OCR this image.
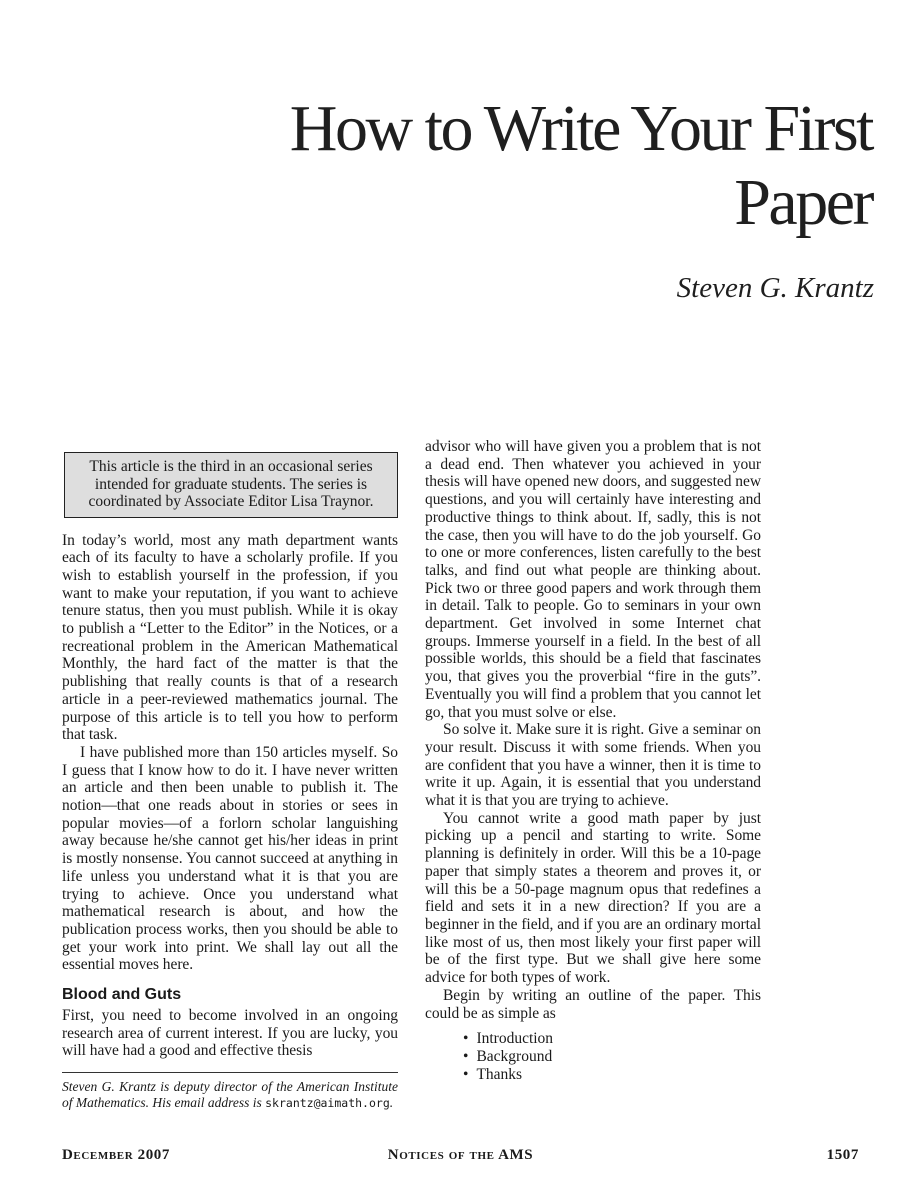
How to Write Your First
Paper

Steven G. Krantz

This article is the third in an occasional series intended for graduate students. The series is coordinated by Associate Editor Lisa Traynor.

In today’s world, most any math department wants each of its faculty to have a scholarly profile. If you wish to establish yourself in the profession, if you want to make your reputation, if you want to achieve tenure status, then you must publish. While it is okay to publish a “Letter to the Editor” in the Notices, or a recreational problem in the American Mathematical Monthly, the hard fact of the matter is that the publishing that really counts is that of a research article in a peer-reviewed mathematics journal. The purpose of this article is to tell you how to perform that task.

I have published more than 150 articles myself. So I guess that I know how to do it. I have never written an article and then been unable to publish it. The notion—that one reads about in stories or sees in popular movies—of a forlorn scholar languishing away because he/she cannot get his/her ideas in print is mostly nonsense. You cannot succeed at anything in life unless you understand what it is that you are trying to achieve. Once you understand what mathematical research is about, and how the publication process works, then you should be able to get your work into print. We shall lay out all the essential moves here.

Blood and Guts

First, you need to become involved in an ongoing research area of current interest. If you are lucky, you will have had a good and effective thesis

Steven G. Krantz is deputy director of the American Institute of Mathematics. His email address is skrantz@aimath.org.

advisor who will have given you a problem that is not a dead end. Then whatever you achieved in your thesis will have opened new doors, and suggested new questions, and you will certainly have interesting and productive things to think about. If, sadly, this is not the case, then you will have to do the job yourself. Go to one or more conferences, listen carefully to the best talks, and find out what people are thinking about. Pick two or three good papers and work through them in detail. Talk to people. Go to seminars in your own department. Get involved in some Internet chat groups. Immerse yourself in a field. In the best of all possible worlds, this should be a field that fascinates you, that gives you the proverbial “fire in the guts”. Eventually you will find a problem that you cannot let go, that you must solve or else.

So solve it. Make sure it is right. Give a seminar on your result. Discuss it with some friends. When you are confident that you have a winner, then it is time to write it up. Again, it is essential that you understand what it is that you are trying to achieve.

You cannot write a good math paper by just picking up a pencil and starting to write. Some planning is definitely in order. Will this be a 10-page paper that simply states a theorem and proves it, or will this be a 50-page magnum opus that redefines a field and sets it in a new direction? If you are a beginner in the field, and if you are an ordinary mortal like most of us, then most likely your first paper will be of the first type. But we shall give here some advice for both types of work.

Begin by writing an outline of the paper. This could be as simple as

• Introduction
• Background
• Thanks
December 2007	Notices of the AMS	1507
